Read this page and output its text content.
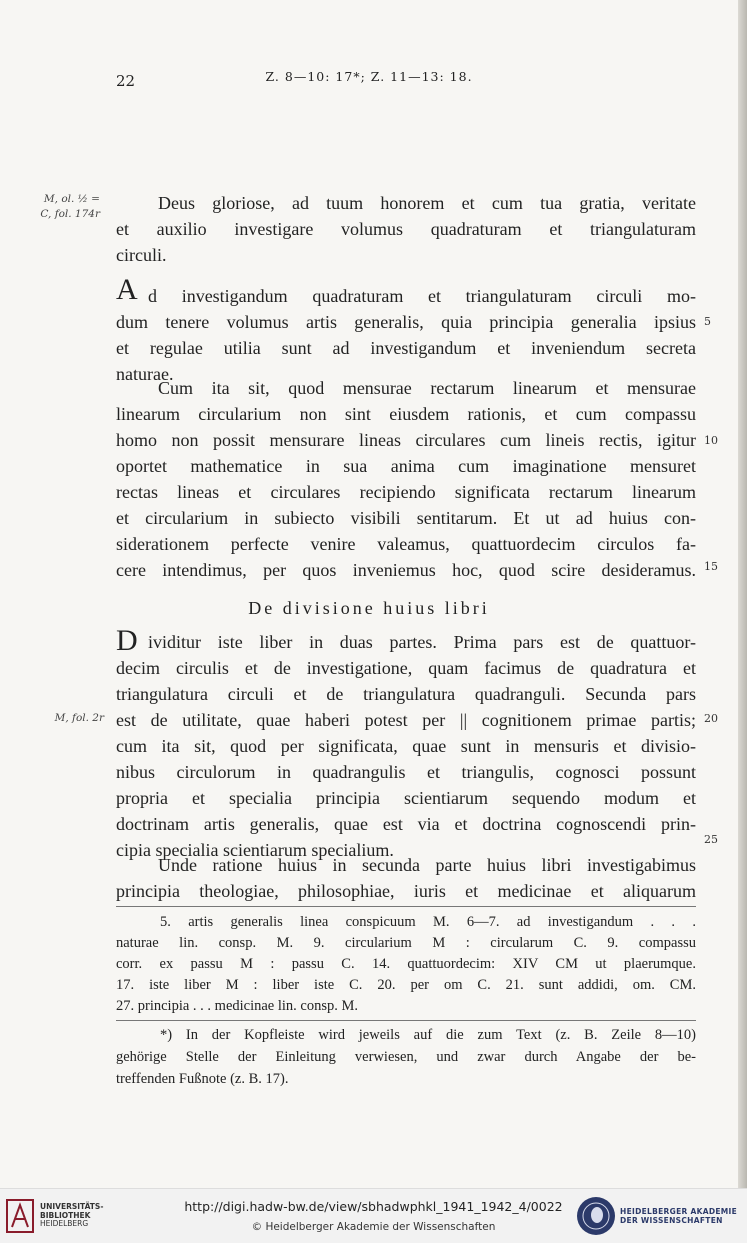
22	Z. 8—10: 17*; Z. 11—13: 18.
M, ol. ½ =
C, fol. 174r
M, fol. 2r
Deus gloriose, ad tuum honorem et cum tua gratia, veritate
et auxilio investigare volumus quadraturam et triangulaturam
circuli.
A d investigandum quadraturam et triangulaturam circuli mo-
dum tenere volumus artis generalis, quia principia generalia ipsius
et regulae utilia sunt ad investigandum et inveniendum secreta
naturae.
Cum ita sit, quod mensurae rectarum linearum et mensurae
linearum circularium non sint eiusdem rationis, et cum compassu
homo non possit mensurare lineas circulares cum lineis rectis, igitur
oportet mathematice in sua anima cum imaginatione mensuret
rectas lineas et circulares recipiendo significata rectarum linearum
et circularium in subiecto visibili sentitarum. Et ut ad huius con-
siderationem perfecte venire valeamus, quattuordecim circulos fa-
cere intendimus, per quos inveniemus hoc, quod scire desideramus.
De divisione huius libri
D ividitur iste liber in duas partes. Prima pars est de quattuor-
decim circulis et de investigatione, quam facimus de quadratura et
triangulatura circuli et de triangulatura quadranguli. Secunda pars
est de utilitate, quae haberi potest per || cognitionem primae partis;
cum ita sit, quod per significata, quae sunt in mensuris et divisio-
nibus circulorum in quadrangulis et triangulis, cognosci possunt
propria et specialia principia scientiarum sequendo modum et
doctrinam artis generalis, quae est via et doctrina cognoscendi prin-
cipia specialia scientiarum specialium.
Unde ratione huius in secunda parte huius libri investigabimus
principia theologiae, philosophiae, iuris et medicinae et aliquarum
5
10
15
20
25
5. artis generalis linea conspicuum M. 6—7. ad investigandum . . .
naturae lin. consp. M. 9. circularium M : circularum C. 9. compassu
corr. ex passu M : passu C. 14. quattuordecim: XIV CM ut plaerumque.
17. iste liber M : liber iste C. 20. per om C. 21. sunt addidi, om. CM.
27. principia . . . medicinae lin. consp. M.
*) In der Kopfleiste wird jeweils auf die zum Text (z. B. Zeile 8—10)
gehörige Stelle der Einleitung verwiesen, und zwar durch Angabe der be-
treffenden Fußnote (z. B. 17).
UNIVERSITÄTS-
BIBLIOTHEK
HEIDELBERG
http://digi.hadw-bw.de/view/sbhadwphkl_1941_1942_4/0022
© Heidelberger Akademie der Wissenschaften
HEIDELBERGER AKADEMIE
DER WISSENSCHAFTEN
